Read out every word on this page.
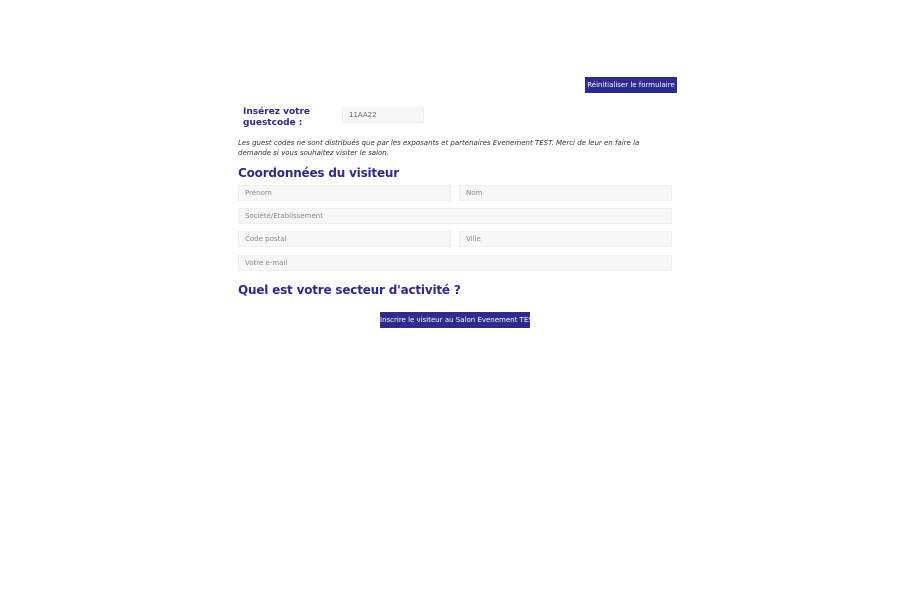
Réinitialiser le formulaire
Insérez votre guestcode :
11AA22

Les guest codes ne sont distribués que par les exposants et partenaires Evenement TEST. Merci de leur en faire la demande si vous souhaitez visiter le salon.

Coordonnées du visiteur
Prénom
Nom
Société/Établissement
Code postal
Ville
Votre e-mail
Quel est votre secteur d'activité ?
Inscrire le visiteur au Salon Evenement TEST
